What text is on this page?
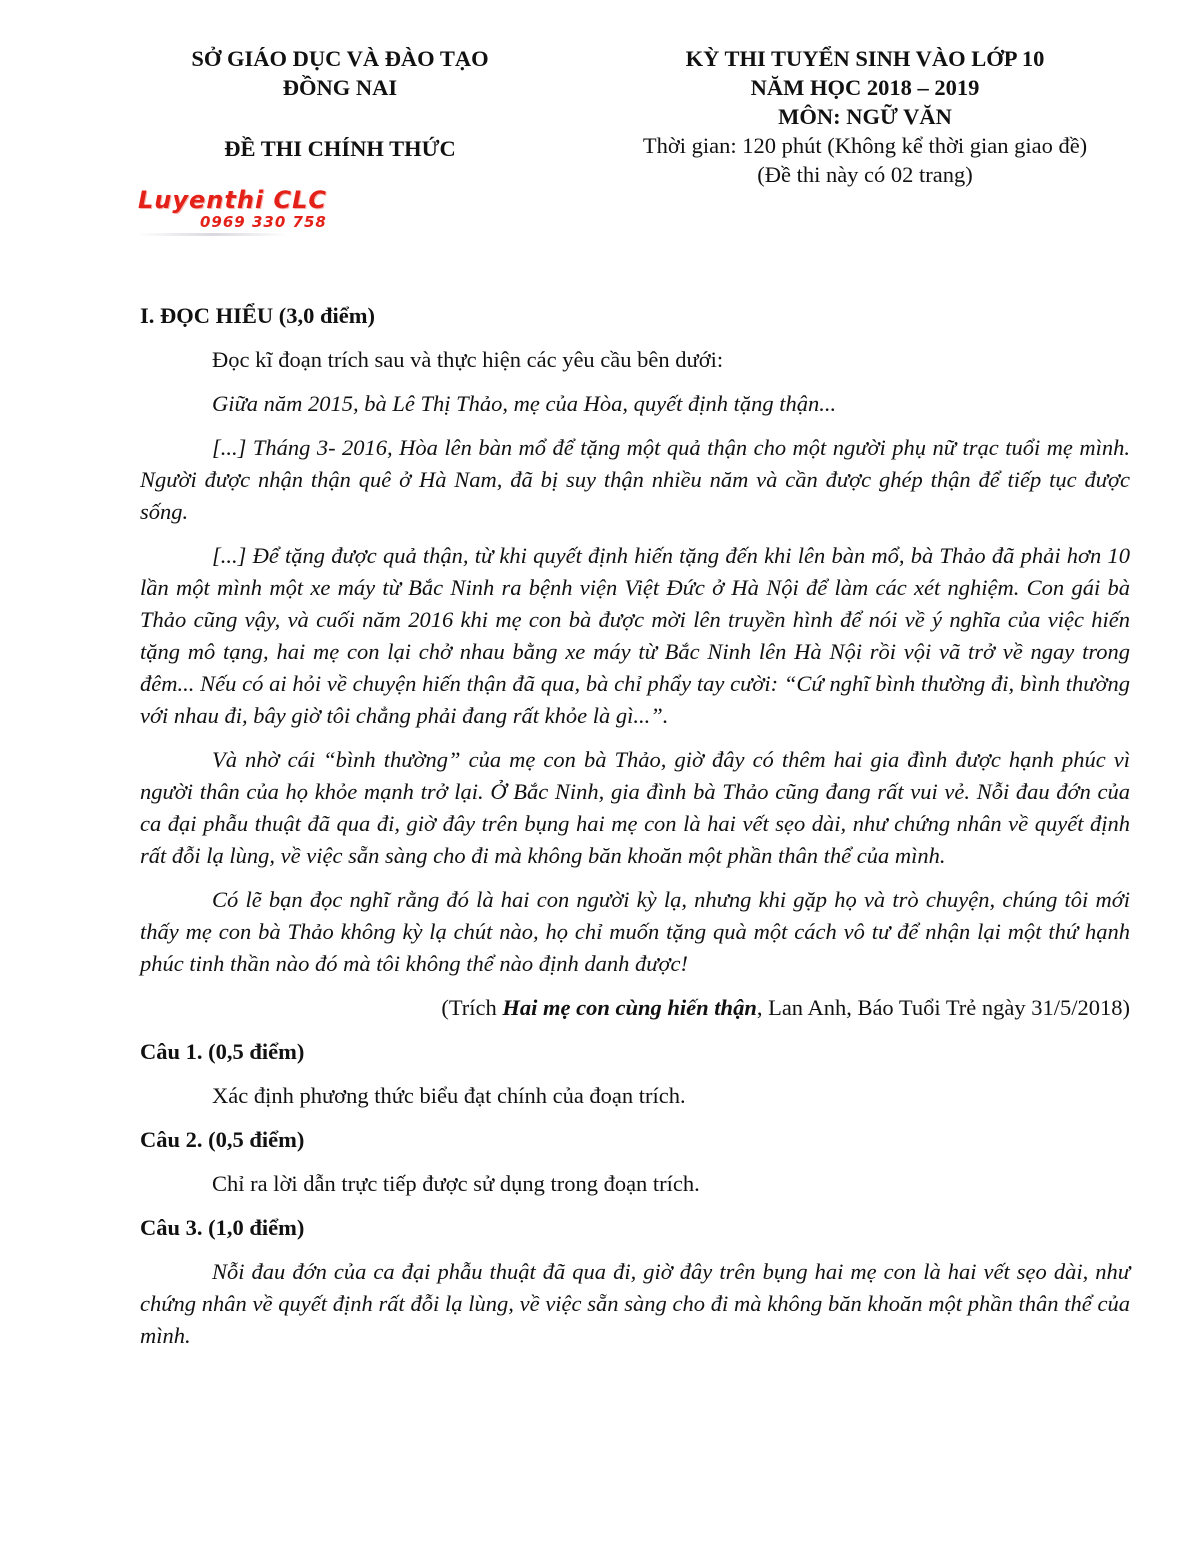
SỞ GIÁO DỤC VÀ ĐÀO TẠO

ĐỒNG NAI

ĐỀ THI CHÍNH THỨC

KỲ THI TUYỂN SINH VÀO LỚP 10

NĂM HỌC 2018 – 2019

MÔN: NGỮ VĂN

Thời gian: 120 phút (Không kể thời gian giao đề)

(Đề thi này có 02 trang)

Luyenthi CLC
0969 330 758

I. ĐỌC HIỂU (3,0 điểm)

Đọc kĩ đoạn trích sau và thực hiện các yêu cầu bên dưới:

Giữa năm 2015, bà Lê Thị Thảo, mẹ của Hòa, quyết định tặng thận...

[...] Tháng 3- 2016, Hòa lên bàn mổ để tặng một quả thận cho một người phụ nữ trạc tuổi mẹ mình. Người được nhận thận quê ở Hà Nam, đã bị suy thận nhiều năm và cần được ghép thận để tiếp tục được sống.

[...] Để tặng được quả thận, từ khi quyết định hiến tặng đến khi lên bàn mổ, bà Thảo đã phải hơn 10 lần một mình một xe máy từ Bắc Ninh ra bệnh viện Việt Đức ở Hà Nội để làm các xét nghiệm. Con gái bà Thảo cũng vậy, và cuối năm 2016 khi mẹ con bà được mời lên truyền hình để nói về ý nghĩa của việc hiến tặng mô tạng, hai mẹ con lại chở nhau bằng xe máy từ Bắc Ninh lên Hà Nội rồi vội vã trở về ngay trong đêm... Nếu có ai hỏi về chuyện hiến thận đã qua, bà chỉ phẩy tay cười: “Cứ nghĩ bình thường đi, bình thường với nhau đi, bây giờ tôi chẳng phải đang rất khỏe là gì...”.

Và nhờ cái “bình thường” của mẹ con bà Thảo, giờ đây có thêm hai gia đình được hạnh phúc vì người thân của họ khỏe mạnh trở lại. Ở Bắc Ninh, gia đình bà Thảo cũng đang rất vui vẻ. Nỗi đau đớn của ca đại phẫu thuật đã qua đi, giờ đây trên bụng hai mẹ con là hai vết sẹo dài, như chứng nhân về quyết định rất đỗi lạ lùng, về việc sẵn sàng cho đi mà không băn khoăn một phần thân thể của mình.

Có lẽ bạn đọc nghĩ rằng đó là hai con người kỳ lạ, nhưng khi gặp họ và trò chuyện, chúng tôi mới thấy mẹ con bà Thảo không kỳ lạ chút nào, họ chỉ muốn tặng quà một cách vô tư để nhận lại một thứ hạnh phúc tinh thần nào đó mà tôi không thể nào định danh được!

(Trích Hai mẹ con cùng hiến thận, Lan Anh, Báo Tuổi Trẻ ngày 31/5/2018)

Câu 1. (0,5 điểm)

Xác định phương thức biểu đạt chính của đoạn trích.

Câu 2. (0,5 điểm)

Chỉ ra lời dẫn trực tiếp được sử dụng trong đoạn trích.

Câu 3. (1,0 điểm)

Nỗi đau đớn của ca đại phẫu thuật đã qua đi, giờ đây trên bụng hai mẹ con là hai vết sẹo dài, như chứng nhân về quyết định rất đỗi lạ lùng, về việc sẵn sàng cho đi mà không băn khoăn một phần thân thể của mình.
